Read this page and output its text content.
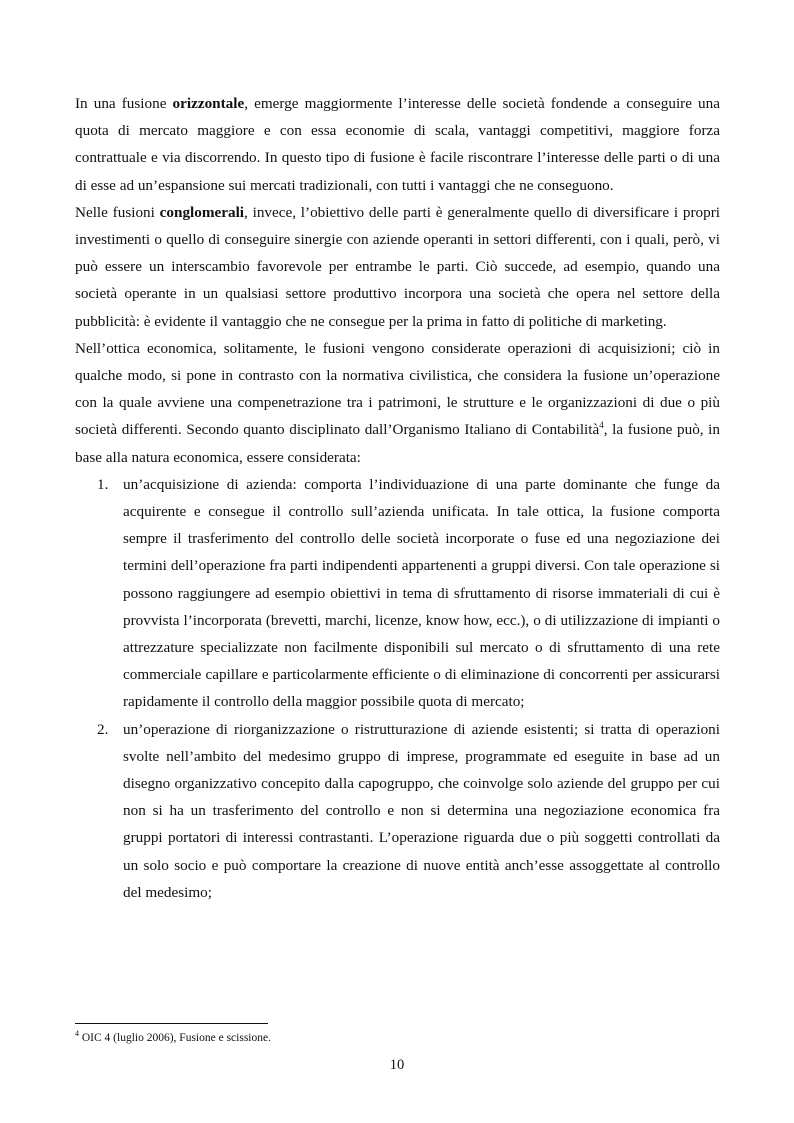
In una fusione orizzontale, emerge maggiormente l’interesse delle società fondende a conseguire una quota di mercato maggiore e con essa economie di scala, vantaggi competitivi, maggiore forza contrattuale e via discorrendo. In questo tipo di fusione è facile riscontrare l’interesse delle parti o di una di esse ad un’espansione sui mercati tradizionali, con tutti i vantaggi che ne conseguono.

Nelle fusioni conglomerali, invece, l’obiettivo delle parti è generalmente quello di diversificare i propri investimenti o quello di conseguire sinergie con aziende operanti in settori differenti, con i quali, però, vi può essere un interscambio favorevole per entrambe le parti. Ciò succede, ad esempio, quando una società operante in un qualsiasi settore produttivo incorpora una società che opera nel settore della pubblicità: è evidente il vantaggio che ne consegue per la prima in fatto di politiche di marketing.

Nell’ottica economica, solitamente, le fusioni vengono considerate operazioni di acquisizioni; ciò in qualche modo, si pone in contrasto con la normativa civilistica, che considera la fusione un’operazione con la quale avviene una compenetrazione tra i patrimoni, le strutture e le organizzazioni di due o più società differenti. Secondo quanto disciplinato dall’Organismo Italiano di Contabilità$^4$, la fusione può, in base alla natura economica, essere considerata:

1. un’acquisizione di azienda: comporta l’individuazione di una parte dominante che funge da acquirente e consegue il controllo sull’azienda unificata. In tale ottica, la fusione comporta sempre il trasferimento del controllo delle società incorporate o fuse ed una negoziazione dei termini dell’operazione fra parti indipendenti appartenenti a gruppi diversi. Con tale operazione si possono raggiungere ad esempio obiettivi in tema di sfruttamento di risorse immateriali di cui è provvista l’incorporata (brevetti, marchi, licenze, know how, ecc.), o di utilizzazione di impianti o attrezzature specializzate non facilmente disponibili sul mercato o di sfruttamento di una rete commerciale capillare e particolarmente efficiente o di eliminazione di concorrenti per assicurarsi rapidamente il controllo della maggior possibile quota di mercato;
2. un’operazione di riorganizzazione o ristrutturazione di aziende esistenti; si tratta di operazioni svolte nell’ambito del medesimo gruppo di imprese, programmate ed eseguite in base ad un disegno organizzativo concepito dalla capogruppo, che coinvolge solo aziende del gruppo per cui non si ha un trasferimento del controllo e non si determina una negoziazione economica fra gruppi portatori di interessi contrastanti. L’operazione riguarda due o più soggetti controllati da un solo socio e può comportare la creazione di nuove entità anch’esse assoggettate al controllo del medesimo;
$^4$ OIC 4 (luglio 2006), Fusione e scissione.
10
